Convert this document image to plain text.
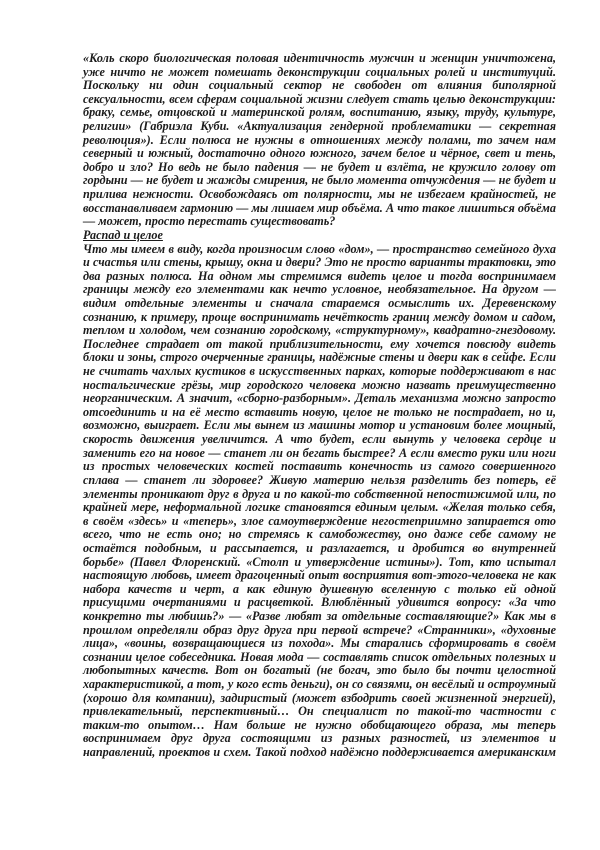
«Коль скоро биологическая половая идентичность мужчин и женщин уничтожена,
уже ничто не может помешать деконструкции социальных ролей и институций.
Поскольку ни один социальный сектор не свободен от влияния биполярной
сексуальности, всем сферам социальной жизни следует стать целью деконструкции:
браку, семье, отцовской и материнской ролям, воспитанию, языку, труду, культуре,
религии» (Габриэла Куби. «Актуализация гендерной проблематики — секретная
революция»). Если полюса не нужны в отношениях между полами, то зачем нам
северный и южный, достаточно одного южного, зачем белое и чёрное, свет и тень,
добро и зло? Но ведь не было падения — не будет и взлёта, не кружило голову от
гордыни — не будет и жажды смирения, не было момента отчуждения — не будет и
прилива нежности. Освобождаясь от полярности, мы не избегаем крайностей, не
восстанавливаем гармонию — мы лишаем мир объёма. А что такое лишиться объёма
— может, просто перестать существовать?
Распад и целое
Что мы имеем в виду, когда произносим слово «дом», — пространство семейного духа
и счастья или стены, крышу, окна и двери? Это не просто варианты трактовки, это
два разных полюса. На одном мы стремимся видеть целое и тогда воспринимаем
границы между его элементами как нечто условное, необязательное. На другом —
видим отдельные элементы и сначала стараемся осмыслить их. Деревенскому
сознанию, к примеру, проще воспринимать нечёткость границ между домом и садом,
теплом и холодом, чем сознанию городскому, «структурному», квадратно-гнездовому.
Последнее страдает от такой приблизительности, ему хочется повсюду видеть
блоки и зоны, строго очерченные границы, надёжные стены и двери как в сейфе. Если
не считать чахлых кустиков в искусственных парках, которые поддерживают в нас
ностальгические грёзы, мир городского человека можно назвать преимущественно
неорганическим. А значит, «сборно-разборным». Деталь механизма можно запросто
отсоединить и на её место вставить новую, целое не только не пострадает, но и,
возможно, выиграет. Если мы вынем из машины мотор и установим более мощный,
скорость движения увеличится. А что будет, если вынуть у человека сердце и
заменить его на новое — станет ли он бегать быстрее? А если вместо руки или ноги
из простых человеческих костей поставить конечность из самого совершенного
сплава — станет ли здоровее? Живую материю нельзя разделить без потерь, её
элементы проникают друг в друга и по какой-то собственной непостижимой или, по
крайней мере, неформальной логике становятся единым целым. «Желая только себя,
в своём «здесь» и «теперь», злое самоутверждение негостеприимно запирается ото
всего, что не есть оно; но стремясь к самобожеству, оно даже себе самому не
остаётся подобным, и рассыпается, и разлагается, и дробится во внутренней
борьбе» (Павел Флоренский. «Столп и утверждение истины»). Тот, кто испытал
настоящую любовь, имеет драгоценный опыт восприятия вот-этого-человека не как
набора качеств и черт, а как единую душевную вселенную с только ей одной
присущими очертаниями и расцветкой. Влюблённый удивится вопросу: «За что
конкретно ты любишь?» — «Разве любят за отдельные составляющие?» Как мы в
прошлом определяли образ друг друга при первой встрече? «Странники», «духовные
лица», «воины, возвращающиеся из похода». Мы старались сформировать в своём
сознании целое собеседника. Новая мода — составлять список отдельных полезных и
любопытных качеств. Вот он богатый (не богач, это было бы почти целостной
характеристикой, а тот, у кого есть деньги), он со связями, он весёлый и остроумный
(хорошо для компании), задиристый (может взбодрить своей жизненной энергией),
привлекательный, перспективный… Он специалист по такой-то частности с
таким-то опытом… Нам больше не нужно обобщающего образа, мы теперь
воспринимаем друг друга состоящими из разных разностей, из элементов и
направлений, проектов и схем. Такой подход надёжно поддерживается американским
